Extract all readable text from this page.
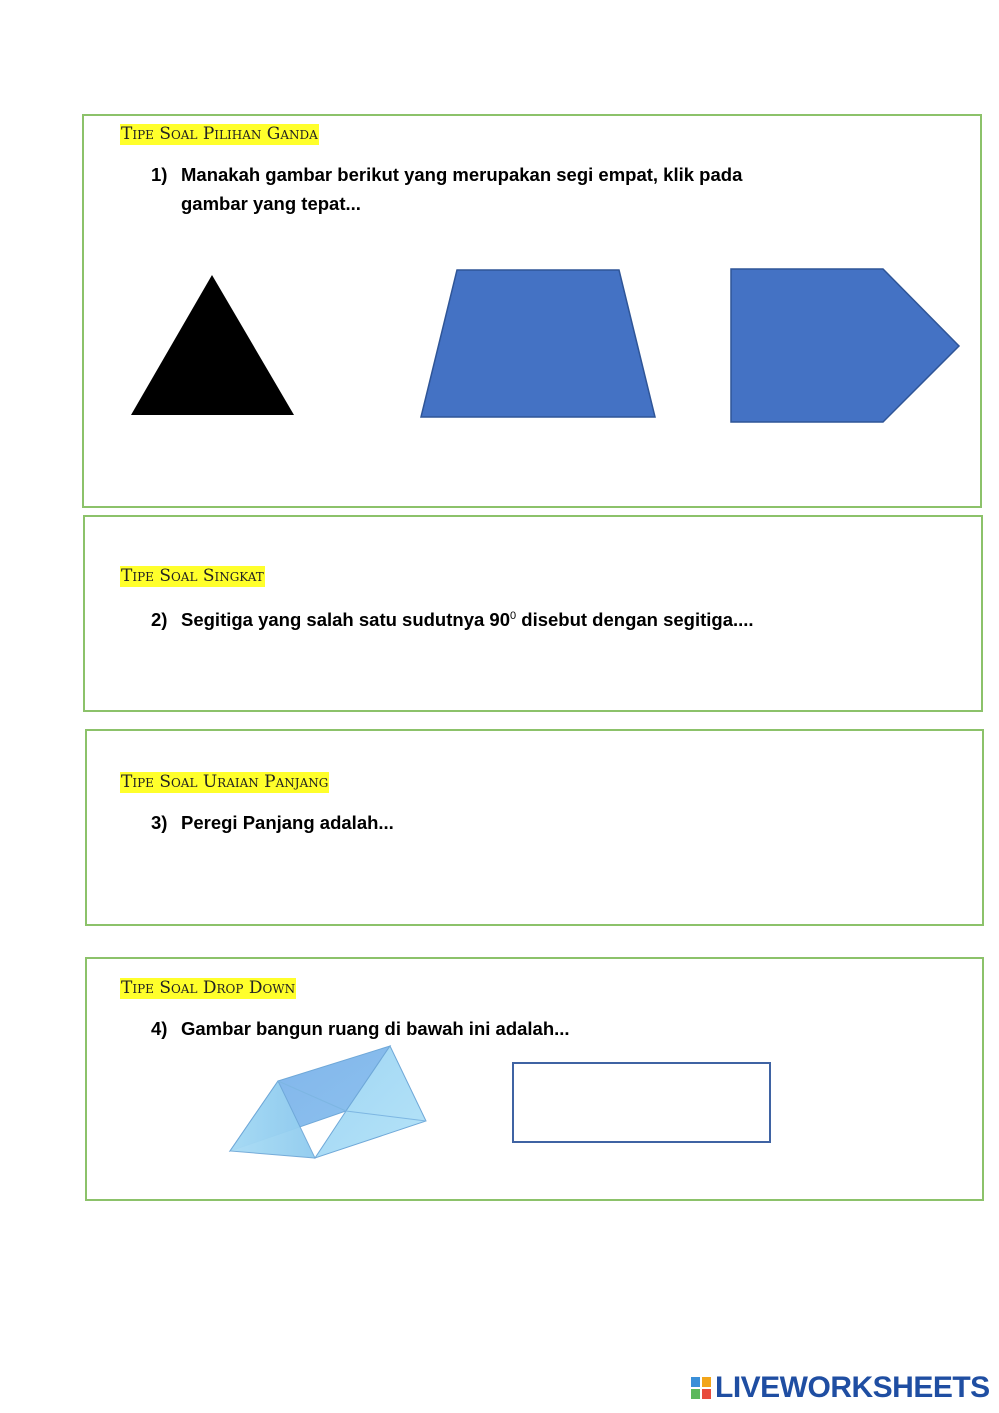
Tipe Soal Pilihan Ganda
1) Manakah gambar berikut yang merupakan segi empat, klik pada
gambar yang tepat...
Tipe Soal Singkat
2) Segitiga yang salah satu sudutnya $90^0$ disebut dengan segitiga....
Tipe Soal Uraian Panjang
3) Peregi Panjang adalah...
Tipe Soal Drop Down
4) Gambar bangun ruang di bawah ini adalah...
LIVEWORKSHEETS
